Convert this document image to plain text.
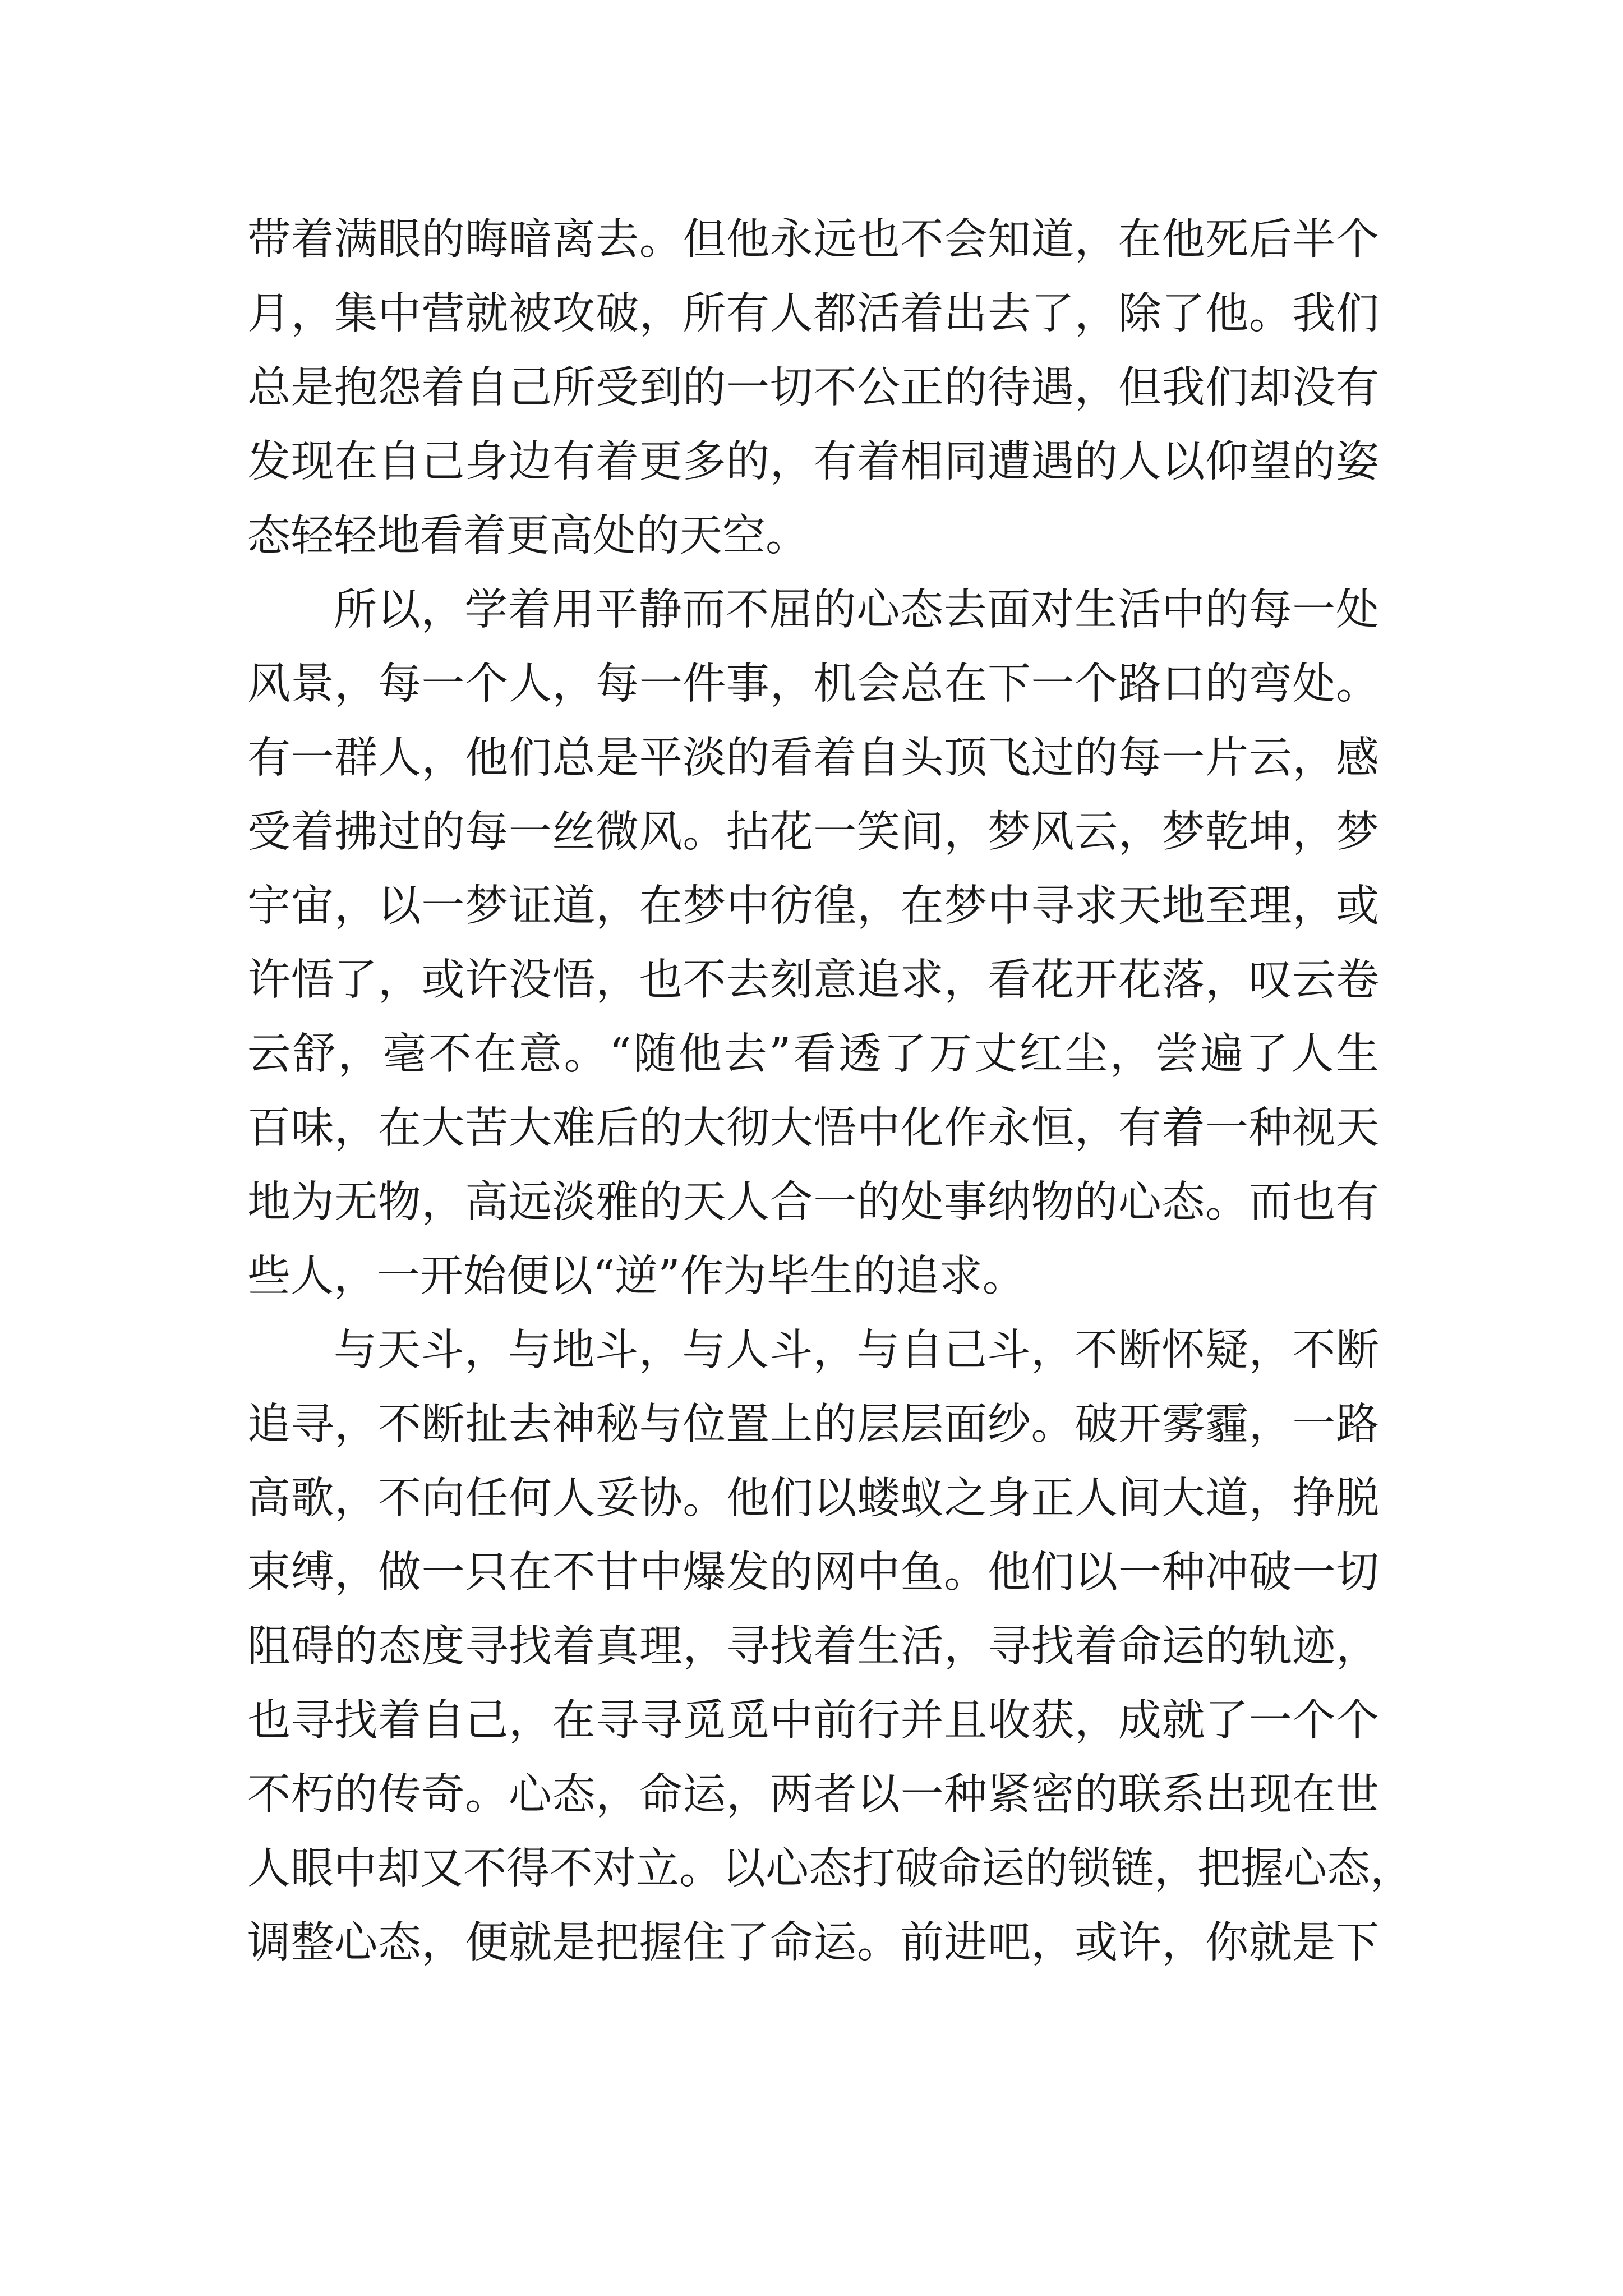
带着满眼的晦暗离去。但他永远也不会知道，在他死后半个
月，集中营就被攻破，所有人都活着出去了，除了他。我们
总是抱怨着自己所受到的一切不公正的待遇，但我们却没有
发现在自己身边有着更多的，有着相同遭遇的人以仰望的姿
态轻轻地看着更高处的天空。
所以，学着用平静而不屈的心态去面对生活中的每一处
风景，每一个人，每一件事，机会总在下一个路口的弯处。
有一群人，他们总是平淡的看着自头顶飞过的每一片云，感
受着拂过的每一丝微风。拈花一笑间，梦风云，梦乾坤，梦
宇宙，以一梦证道，在梦中彷徨，在梦中寻求天地至理，或
许悟了，或许没悟，也不去刻意追求，看花开花落，叹云卷
云舒，毫不在意。“随他去”看透了万丈红尘，尝遍了人生
百味，在大苦大难后的大彻大悟中化作永恒，有着一种视天
地为无物，高远淡雅的天人合一的处事纳物的心态。而也有
些人，一开始便以“逆”作为毕生的追求。
与天斗，与地斗，与人斗，与自己斗，不断怀疑，不断
追寻，不断扯去神秘与位置上的层层面纱。破开雾霾，一路
高歌，不向任何人妥协。他们以蝼蚁之身正人间大道，挣脱
束缚，做一只在不甘中爆发的网中鱼。他们以一种冲破一切
阻碍的态度寻找着真理，寻找着生活，寻找着命运的轨迹，
也寻找着自己，在寻寻觅觅中前行并且收获，成就了一个个
不朽的传奇。心态，命运，两者以一种紧密的联系出现在世
人眼中却又不得不对立。以心态打破命运的锁链，把握心态，
调整心态，便就是把握住了命运。前进吧，或许，你就是下
